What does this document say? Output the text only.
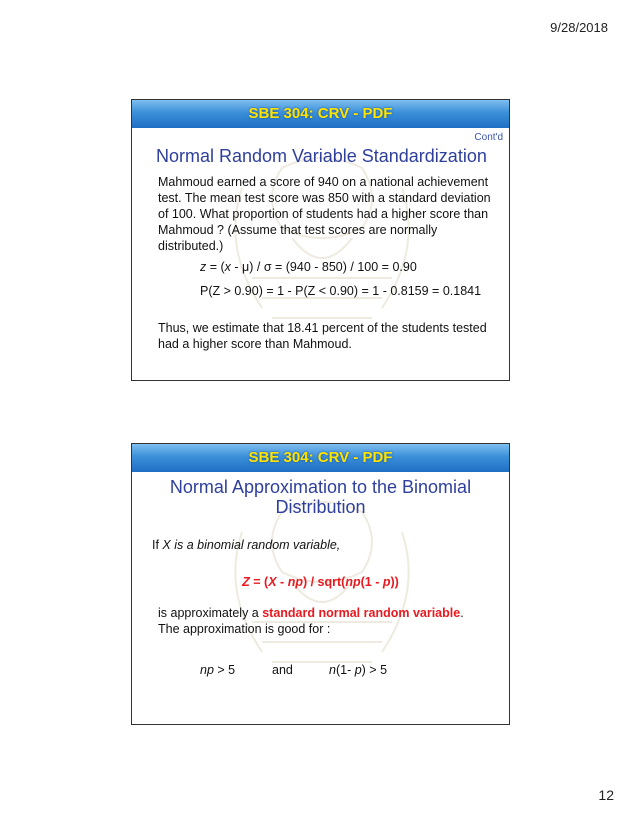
9/28/2018
SBE 304: CRV - PDF
Cont'd
Normal Random Variable Standardization
Mahmoud earned a score of 940 on a national achievement test. The mean test score was 850 with a standard deviation of 100. What proportion of students had a higher score than Mahmoud ? (Assume that test scores are normally distributed.)
z = (x - μ) / σ = (940 - 850) / 100 = 0.90
P(Z > 0.90) = 1 - P(Z < 0.90) = 1 - 0.8159 = 0.1841
Thus, we estimate that 18.41 percent of the students tested had a higher score than Mahmoud.
SBE 304: CRV - PDF
Normal Approximation to the Binomial
Distribution
If X is a binomial random variable,
Z = (X - np) / sqrt(np(1 - p))
is approximately a standard normal random variable.
The approximation is good for :
np > 5	and	n(1- p) > 5
12
